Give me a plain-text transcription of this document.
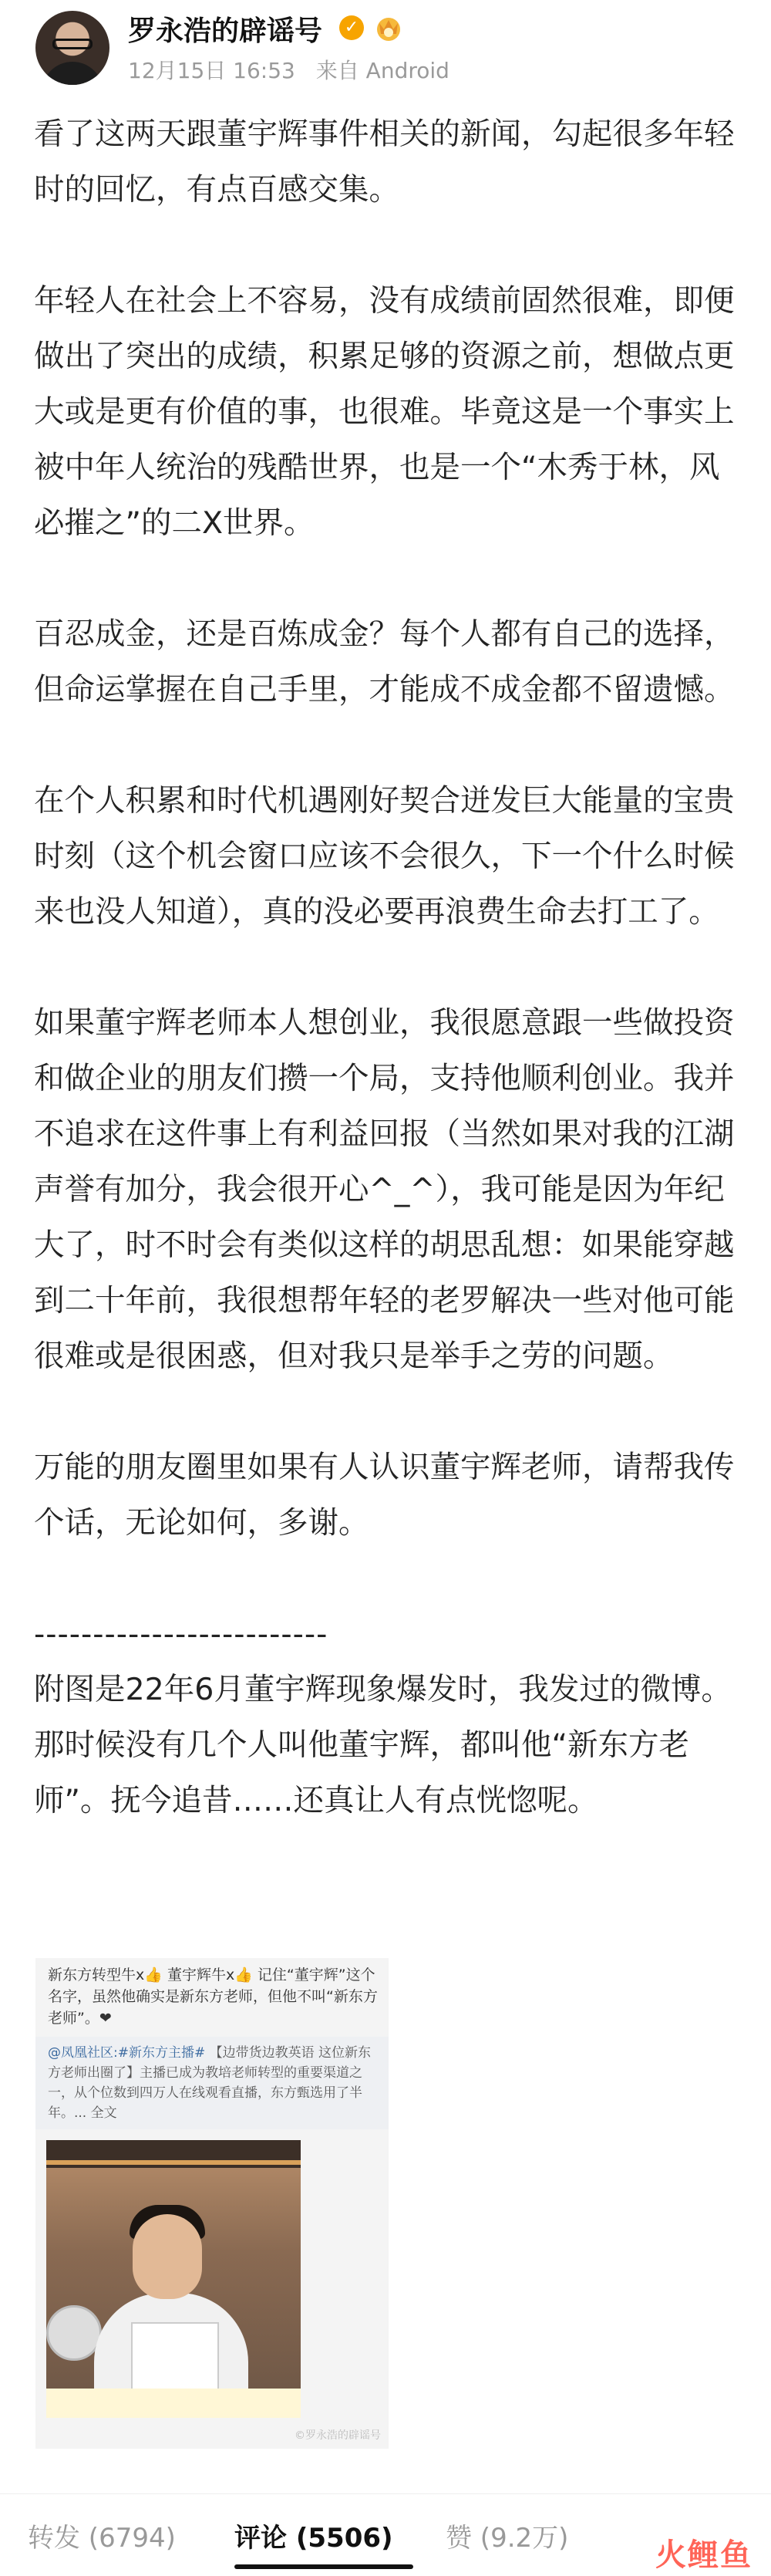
罗永浩的辟谣号	✓
12月15日 16:53 来自 Android

看了这两天跟董宇辉事件相关的新闻，勾起很多年轻时的回忆，有点百感交集。

年轻人在社会上不容易，没有成绩前固然很难，即便做出了突出的成绩，积累足够的资源之前，想做点更大或是更有价值的事，也很难。毕竟这是一个事实上被中年人统治的残酷世界，也是一个“木秀于林，风必摧之”的二X世界。

百忍成金，还是百炼成金？每个人都有自己的选择，但命运掌握在自己手里，才能成不成金都不留遗憾。

在个人积累和时代机遇刚好契合迸发巨大能量的宝贵时刻（这个机会窗口应该不会很久，下一个什么时候来也没人知道），真的没必要再浪费生命去打工了。

如果董宇辉老师本人想创业，我很愿意跟一些做投资和做企业的朋友们攒一个局，支持他顺利创业。我并不追求在这件事上有利益回报（当然如果对我的江湖声誉有加分，我会很开心^_^），我可能是因为年纪大了，时不时会有类似这样的胡思乱想：如果能穿越到二十年前，我很想帮年轻的老罗解决一些对他可能很难或是很困惑，但对我只是举手之劳的问题。

万能的朋友圈里如果有人认识董宇辉老师，请帮我传个话，无论如何，多谢。

-------------------------

附图是22年6月董宇辉现象爆发时，我发过的微博。那时候没有几个人叫他董宇辉，都叫他“新东方老师”。抚今追昔……还真让人有点恍惚呢。

新东方转型牛x👍 董宇辉牛x👍 记住“董宇辉”这个名字，虽然他确实是新东方老师，但他不叫“新东方老师”。❤
@凤凰社区:#新东方主播# 【边带货边教英语 这位新东方老师出圈了】主播已成为教培老师转型的重要渠道之一，从个位数到四万人在线观看直播，东方甄选用了半年。... 全文
©罗永浩的辟谣号
转发 (6794) 评论 (5506) 赞 (9.2万)	火鲤鱼
